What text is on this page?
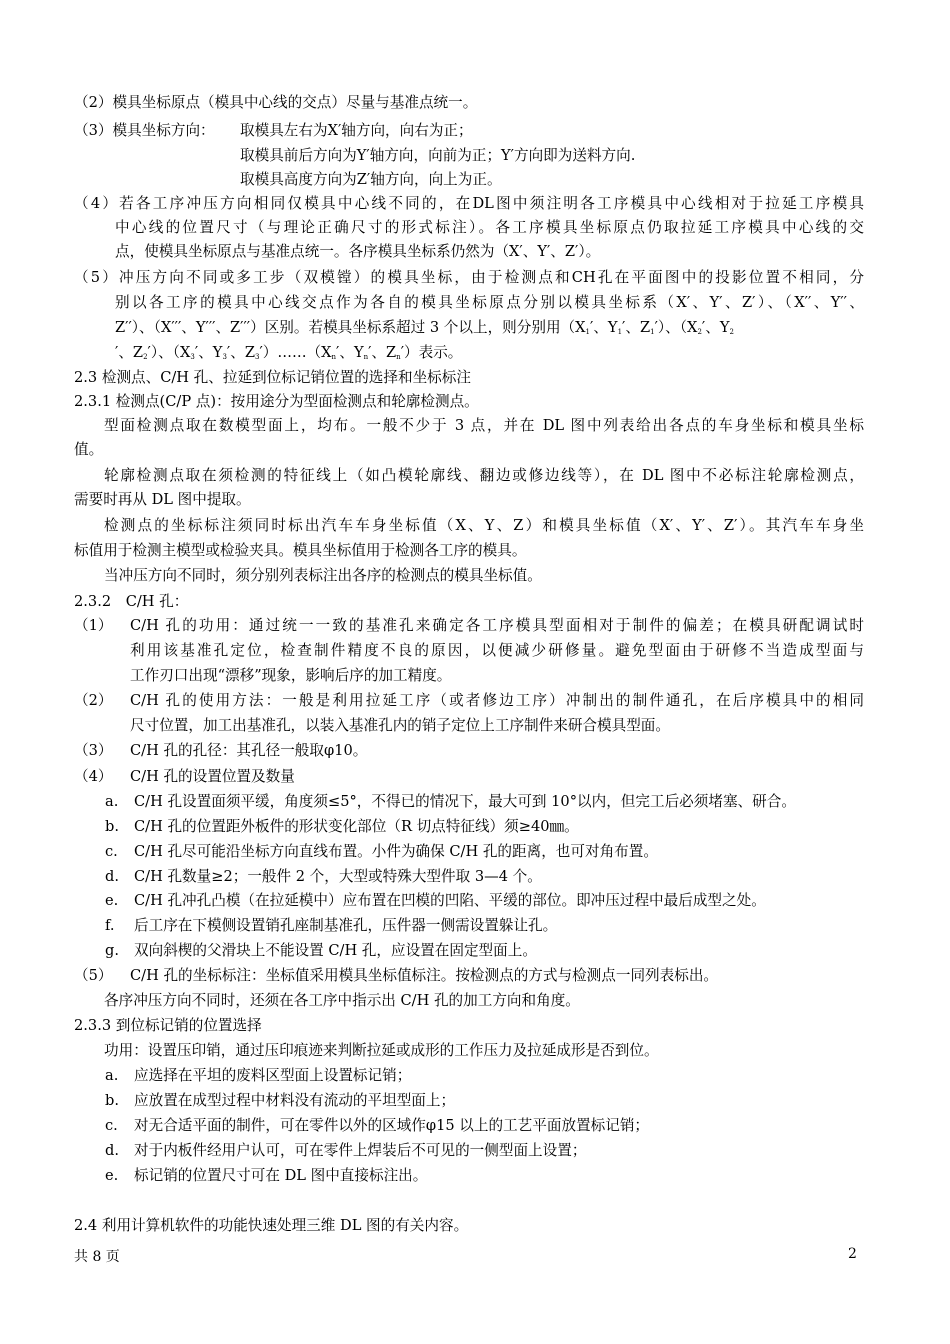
（2）模具坐标原点（模具中心线的交点）尽量与基准点统一。
（3）模具坐标方向： 取模具左右为X′轴方向，向右为正；
取模具前后方向为Y′轴方向，向前为正；Y′方向即为送料方向.
取模具高度方向为Z′轴方向，向上为正。
（4）若各工序冲压方向相同仅模具中心线不同的，在DL图中须注明各工序模具中心线相对于拉延工序模具
中心线的位置尺寸（与理论正确尺寸的形式标注）。各工序模具坐标原点仍取拉延工序模具中心线的交
点，使模具坐标原点与基准点统一。各序模具坐标系仍然为（X′、Y′、Z′）。
（5）冲压方向不同或多工步（双模镗）的模具坐标，由于检测点和CH孔在平面图中的投影位置不相同，分
别以各工序的模具中心线交点作为各自的模具坐标原点分别以模具坐标系（X′、Y′、Z′）、（X′′、Y′′、
Z′′）、（X′′′、Y′′′、Z′′′）区别。若模具坐标系超过 3 个以上，则分别用（$X_1'$、$Y_1'$、$Z_1'$）、（$X_2'$、$Y_2$
′、$Z_2'$）、（$X_3'$、$Y_3'$、$Z_3')\dots\dots(X_n'$、$Y_n'$、$Z_n'$）表示。
2.3 检测点、C/H 孔、拉延到位标记销位置的选择和坐标标注
2.3.1 检测点(C/P 点)：按用途分为型面检测点和轮廓检测点。
型面检测点取在数模型面上，均布。一般不少于 3 点，并在 DL 图中列表给出各点的车身坐标和模具坐标
值。
轮廓检测点取在须检测的特征线上（如凸模轮廓线、翻边或修边线等），在 DL 图中不必标注轮廓检测点，
需要时再从 DL 图中提取。
检测点的坐标标注须同时标出汽车车身坐标值（X、Y、Z）和模具坐标值（X′、Y′、Z′）。其汽车车身坐
标值用于检测主模型或检验夹具。模具坐标值用于检测各工序的模具。
当冲压方向不同时，须分别列表标注出各序的检测点的模具坐标值。
2.3.2　C/H 孔：
（1） C/H 孔的功用：通过统一一致的基准孔来确定各工序模具型面相对于制件的偏差；在模具研配调试时
利用该基准孔定位，检查制件精度不良的原因，以便减少研修量。避免型面由于研修不当造成型面与
工作刃口出现“漂移”现象，影响后序的加工精度。
（2） C/H 孔的使用方法：一般是利用拉延工序（或者修边工序）冲制出的制件通孔，在后序模具中的相同
尺寸位置，加工出基准孔，以装入基准孔内的销子定位上工序制件来研合模具型面。
（3） C/H 孔的孔径：其孔径一般取φ10。
（4） C/H 孔的设置位置及数量
a. C/H 孔设置面须平缓，角度须≤5°，不得已的情况下，最大可到 10°以内，但完工后必须堵塞、研合。
b. C/H 孔的位置距外板件的形状变化部位（R 切点特征线）须≥40㎜。
c. C/H 孔尽可能沿坐标方向直线布置。小件为确保 C/H 孔的距离，也可对角布置。
d. C/H 孔数量≥2；一般件 2 个，大型或特殊大型件取 3—4 个。
e. C/H 孔冲孔凸模（在拉延模中）应布置在凹模的凹陷、平缓的部位。即冲压过程中最后成型之处。
f. 后工序在下模侧设置销孔座制基准孔，压件器一侧需设置躲让孔。
g. 双向斜楔的父滑块上不能设置 C/H 孔，应设置在固定型面上。
（5） C/H 孔的坐标标注：坐标值采用模具坐标值标注。按检测点的方式与检测点一同列表标出。
各序冲压方向不同时，还须在各工序中指示出 C/H 孔的加工方向和角度。
2.3.3 到位标记销的位置选择
功用：设置压印销，通过压印痕迹来判断拉延或成形的工作压力及拉延成形是否到位。
a. 应选择在平坦的废料区型面上设置标记销；
b. 应放置在成型过程中材料没有流动的平坦型面上；
c. 对无合适平面的制件，可在零件以外的区域作φ15 以上的工艺平面放置标记销；
d. 对于内板件经用户认可，可在零件上焊装后不可见的一侧型面上设置；
e. 标记销的位置尺寸可在 DL 图中直接标注出。
2.4 利用计算机软件的功能快速处理三维 DL 图的有关内容。
共 8 页	2
